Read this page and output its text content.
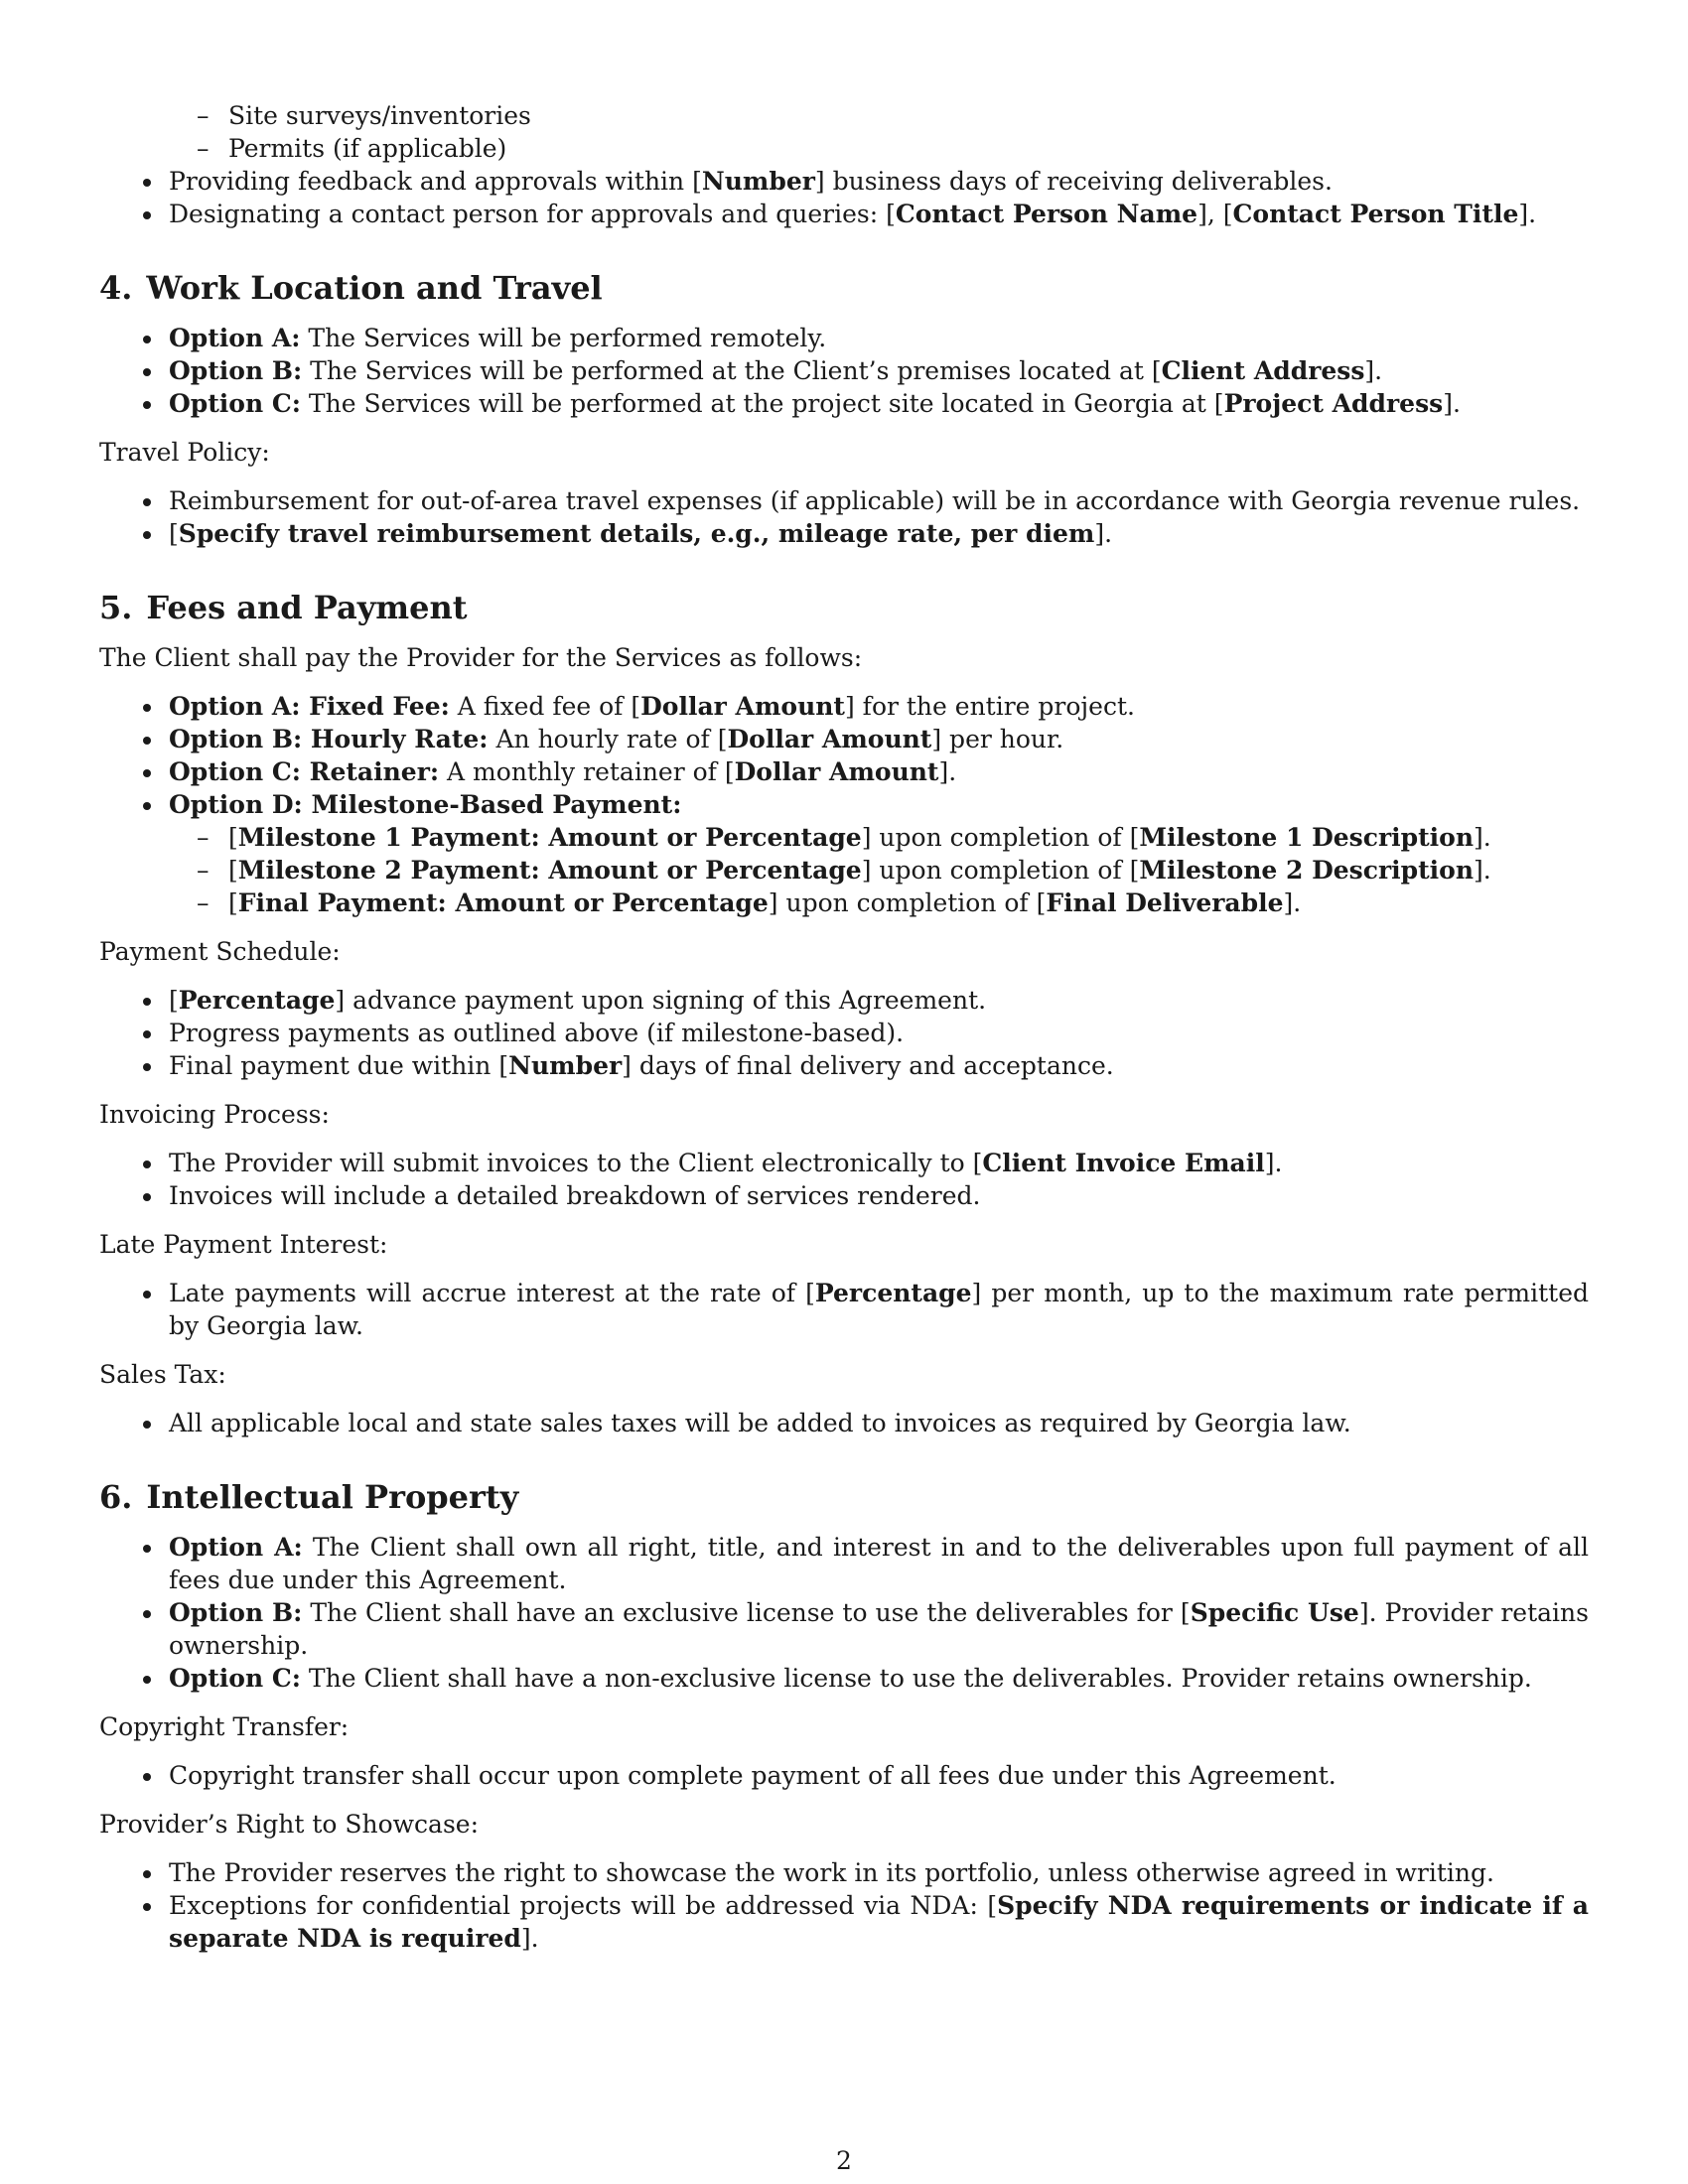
– Site surveys/inventories
– Permits (if applicable)
Providing feedback and approvals within [Number] business days of receiving deliverables.
Designating a contact person for approvals and queries: [Contact Person Name], [Contact Person Title].
4. Work Location and Travel
Option A: The Services will be performed remotely.
Option B: The Services will be performed at the Client’s premises located at [Client Address].
Option C: The Services will be performed at the project site located in Georgia at [Project Address].

Travel Policy:

Reimbursement for out-of-area travel expenses (if applicable) will be in accordance with Georgia revenue rules.
[Specify travel reimbursement details, e.g., mileage rate, per diem].
5. Fees and Payment

The Client shall pay the Provider for the Services as follows:

Option A: Fixed Fee: A fixed fee of [Dollar Amount] for the entire project.
Option B: Hourly Rate: An hourly rate of [Dollar Amount] per hour.
Option C: Retainer: A monthly retainer of [Dollar Amount].
Option D: Milestone-Based Payment:
– [Milestone 1 Payment: Amount or Percentage] upon completion of [Milestone 1 Description].
– [Milestone 2 Payment: Amount or Percentage] upon completion of [Milestone 2 Description].
– [Final Payment: Amount or Percentage] upon completion of [Final Deliverable].

Payment Schedule:

[Percentage] advance payment upon signing of this Agreement.
Progress payments as outlined above (if milestone-based).
Final payment due within [Number] days of final delivery and acceptance.

Invoicing Process:

The Provider will submit invoices to the Client electronically to [Client Invoice Email].
Invoices will include a detailed breakdown of services rendered.

Late Payment Interest:

Late payments will accrue interest at the rate of [Percentage] per month, up to the maximum rate permitted by Georgia law.

Sales Tax:

All applicable local and state sales taxes will be added to invoices as required by Georgia law.
6. Intellectual Property
Option A: The Client shall own all right, title, and interest in and to the deliverables upon full payment of all fees due under this Agreement.
Option B: The Client shall have an exclusive license to use the deliverables for [Specific Use]. Provider retains ownership.
Option C: The Client shall have a non-exclusive license to use the deliverables. Provider retains ownership.

Copyright Transfer:

Copyright transfer shall occur upon complete payment of all fees due under this Agreement.

Provider’s Right to Showcase:

The Provider reserves the right to showcase the work in its portfolio, unless otherwise agreed in writing.
Exceptions for confidential projects will be addressed via NDA: [Specify NDA requirements or indicate if a separate NDA is required].
2
